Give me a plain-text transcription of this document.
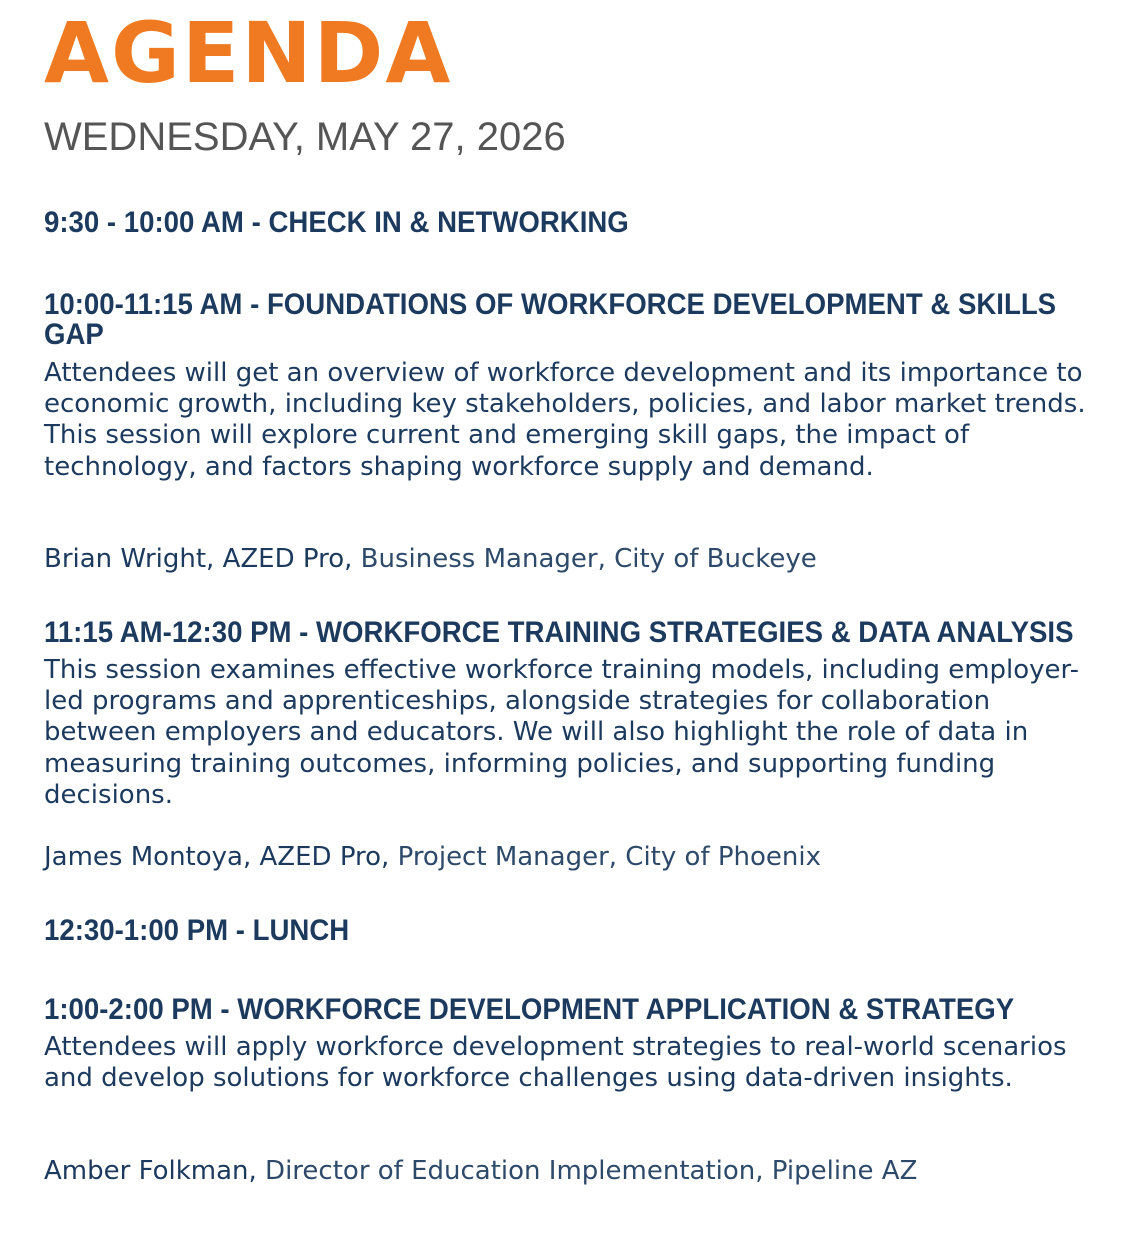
AGENDA
WEDNESDAY, MAY 27, 2026
9:30 - 10:00 AM - CHECK IN & NETWORKING
10:00-11:15 AM - FOUNDATIONS OF WORKFORCE DEVELOPMENT & SKILLS GAP

Attendees will get an overview of workforce development and its importance to economic growth, including key stakeholders, policies, and labor market trends. This session will explore current and emerging skill gaps, the impact of technology, and factors shaping workforce supply and demand.

Brian Wright, AZED Pro, Business Manager, City of Buckeye

11:15 AM-12:30 PM - WORKFORCE TRAINING STRATEGIES & DATA ANALYSIS

This session examines effective workforce training models, including employer-led programs and apprenticeships, alongside strategies for collaboration between employers and educators. We will also highlight the role of data in measuring training outcomes, informing policies, and supporting funding decisions.

James Montoya, AZED Pro, Project Manager, City of Phoenix

12:30-1:00 PM - LUNCH
1:00-2:00 PM - WORKFORCE DEVELOPMENT APPLICATION & STRATEGY

Attendees will apply workforce development strategies to real-world scenarios and develop solutions for workforce challenges using data-driven insights.

Amber Folkman, Director of Education Implementation, Pipeline AZ
